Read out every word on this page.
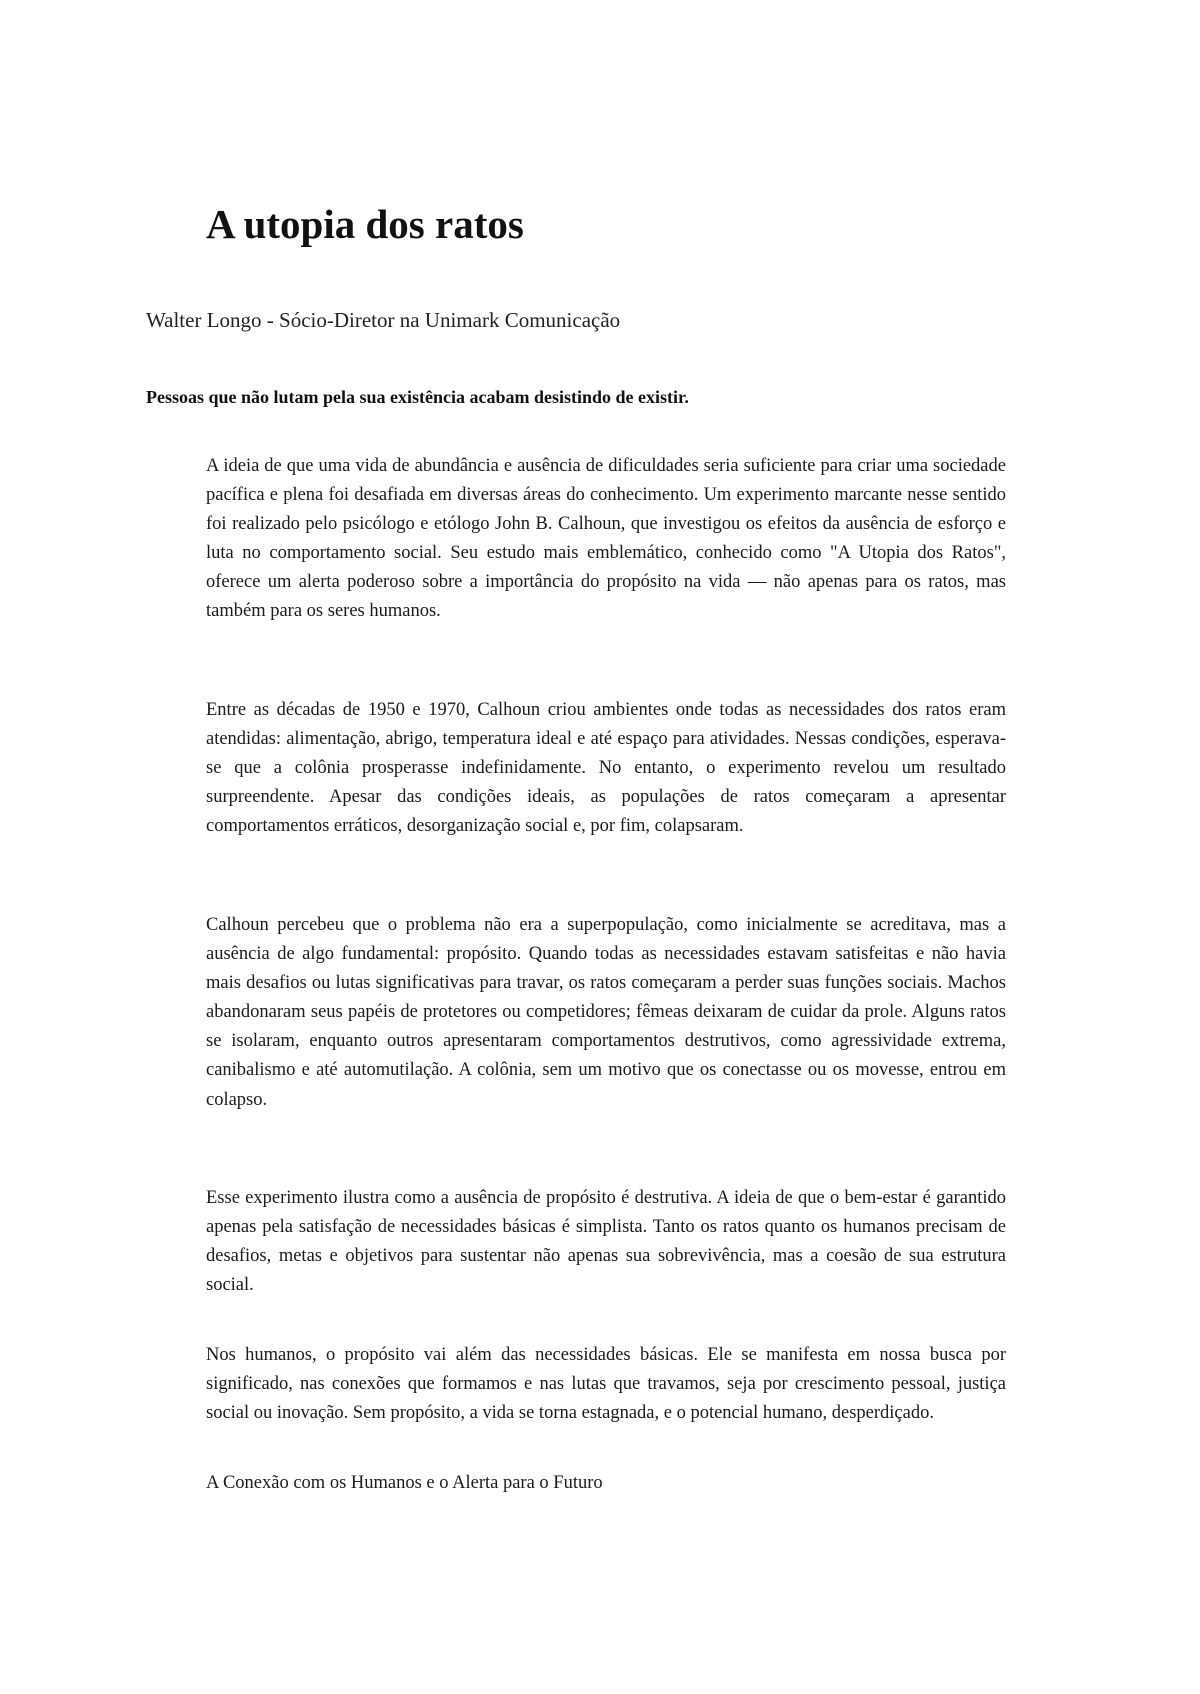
A utopia dos ratos

Walter Longo - Sócio-Diretor na Unimark Comunicação

Pessoas que não lutam pela sua existência acabam desistindo de existir.

A ideia de que uma vida de abundância e ausência de dificuldades seria suficiente para criar uma sociedade pacífica e plena foi desafiada em diversas áreas do conhecimento. Um experimento marcante nesse sentido foi realizado pelo psicólogo e etólogo John B. Calhoun, que investigou os efeitos da ausência de esforço e luta no comportamento social. Seu estudo mais emblemático, conhecido como "A Utopia dos Ratos", oferece um alerta poderoso sobre a importância do propósito na vida — não apenas para os ratos, mas também para os seres humanos.

Entre as décadas de 1950 e 1970, Calhoun criou ambientes onde todas as necessidades dos ratos eram atendidas: alimentação, abrigo, temperatura ideal e até espaço para atividades. Nessas condições, esperava-se que a colônia prosperasse indefinidamente. No entanto, o experimento revelou um resultado surpreendente. Apesar das condições ideais, as populações de ratos começaram a apresentar comportamentos erráticos, desorganização social e, por fim, colapsaram.

Calhoun percebeu que o problema não era a superpopulação, como inicialmente se acreditava, mas a ausência de algo fundamental: propósito. Quando todas as necessidades estavam satisfeitas e não havia mais desafios ou lutas significativas para travar, os ratos começaram a perder suas funções sociais. Machos abandonaram seus papéis de protetores ou competidores; fêmeas deixaram de cuidar da prole. Alguns ratos se isolaram, enquanto outros apresentaram comportamentos destrutivos, como agressividade extrema, canibalismo e até automutilação. A colônia, sem um motivo que os conectasse ou os movesse, entrou em colapso.

Esse experimento ilustra como a ausência de propósito é destrutiva. A ideia de que o bem-estar é garantido apenas pela satisfação de necessidades básicas é simplista. Tanto os ratos quanto os humanos precisam de desafios, metas e objetivos para sustentar não apenas sua sobrevivência, mas a coesão de sua estrutura social.

Nos humanos, o propósito vai além das necessidades básicas. Ele se manifesta em nossa busca por significado, nas conexões que formamos e nas lutas que travamos, seja por crescimento pessoal, justiça social ou inovação. Sem propósito, a vida se torna estagnada, e o potencial humano, desperdiçado.

A Conexão com os Humanos e o Alerta para o Futuro
